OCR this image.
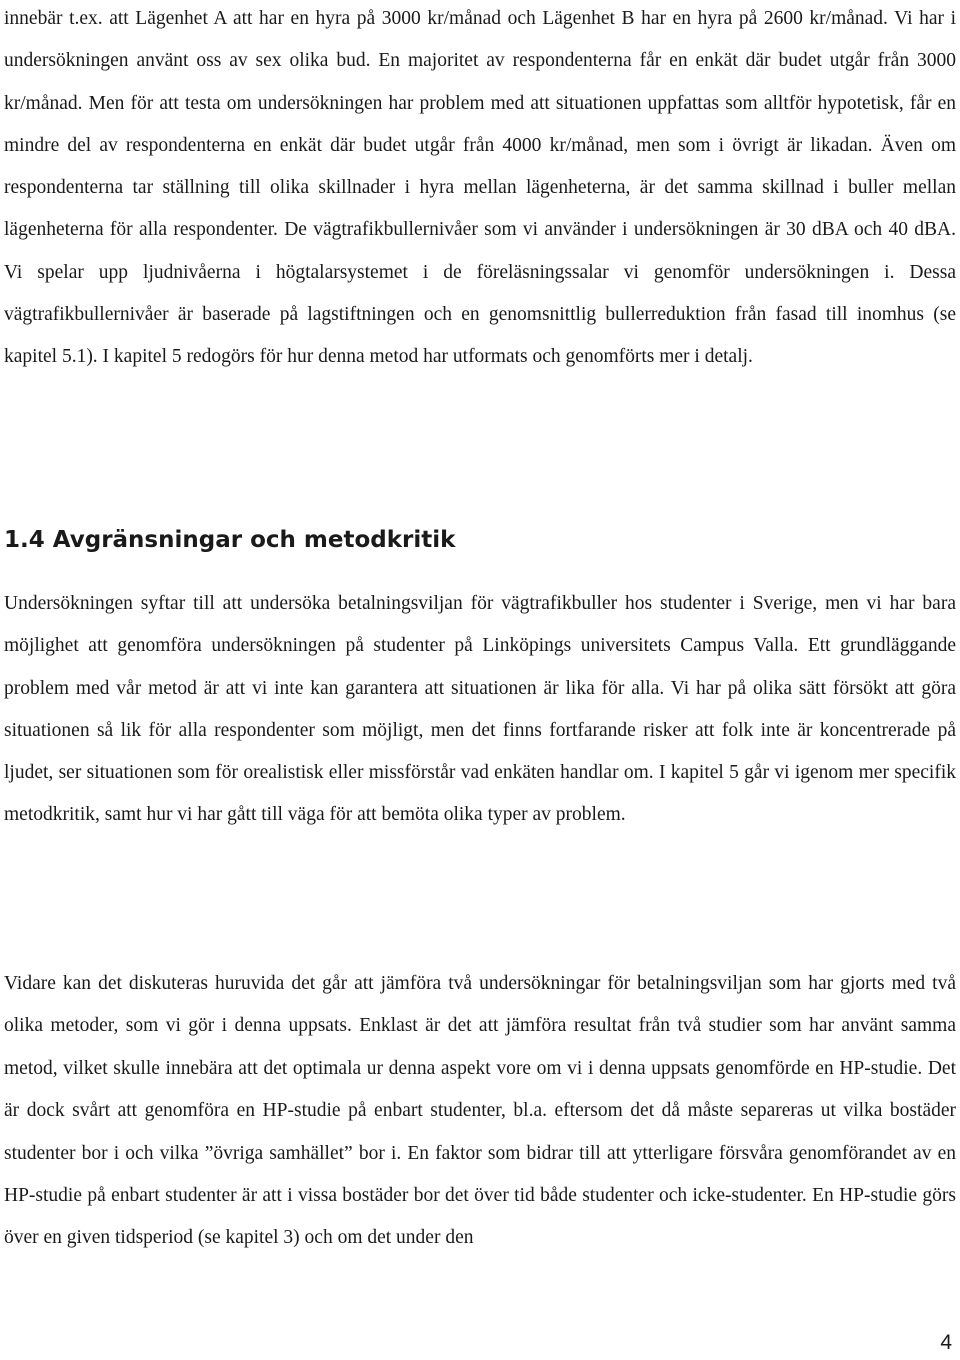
innebär t.ex. att Lägenhet A att har en hyra på 3000 kr/månad och Lägenhet B har en hyra på 2600 kr/månad. Vi har i undersökningen använt oss av sex olika bud. En majoritet av respondenterna får en enkät där budet utgår från 3000 kr/månad. Men för att testa om undersökningen har problem med att situationen uppfattas som alltför hypotetisk, får en mindre del av respondenterna en enkät där budet utgår från 4000 kr/månad, men som i övrigt är likadan. Även om respondenterna tar ställning till olika skillnader i hyra mellan lägenheterna, är det samma skillnad i buller mellan lägenheterna för alla respondenter. De vägtrafikbullernivåer som vi använder i undersökningen är 30 dBA och 40 dBA. Vi spelar upp ljudnivåerna i högtalarsystemet i de föreläsningssalar vi genomför undersökningen i. Dessa vägtrafikbullernivåer är baserade på lagstiftningen och en genomsnittlig bullerreduktion från fasad till inomhus (se kapitel 5.1). I kapitel 5 redogörs för hur denna metod har utformats och genomförts mer i detalj.

1.4 Avgränsningar och metodkritik

Undersökningen syftar till att undersöka betalningsviljan för vägtrafikbuller hos studenter i Sverige, men vi har bara möjlighet att genomföra undersökningen på studenter på Linköpings universitets Campus Valla. Ett grundläggande problem med vår metod är att vi inte kan garantera att situationen är lika för alla. Vi har på olika sätt försökt att göra situationen så lik för alla respondenter som möjligt, men det finns fortfarande risker att folk inte är koncentrerade på ljudet, ser situationen som för orealistisk eller missförstår vad enkäten handlar om. I kapitel 5 går vi igenom mer specifik metodkritik, samt hur vi har gått till väga för att bemöta olika typer av problem.

Vidare kan det diskuteras huruvida det går att jämföra två undersökningar för betalningsviljan som har gjorts med två olika metoder, som vi gör i denna uppsats. Enklast är det att jämföra resultat från två studier som har använt samma metod, vilket skulle innebära att det optimala ur denna aspekt vore om vi i denna uppsats genomförde en HP-studie. Det är dock svårt att genomföra en HP-studie på enbart studenter, bl.a. eftersom det då måste separeras ut vilka bostäder studenter bor i och vilka ”övriga samhället” bor i. En faktor som bidrar till att ytterligare försvåra genomförandet av en HP-studie på enbart studenter är att i vissa bostäder bor det över tid både studenter och icke-studenter. En HP-studie görs över en given tidsperiod (se kapitel 3) och om det under den

4
